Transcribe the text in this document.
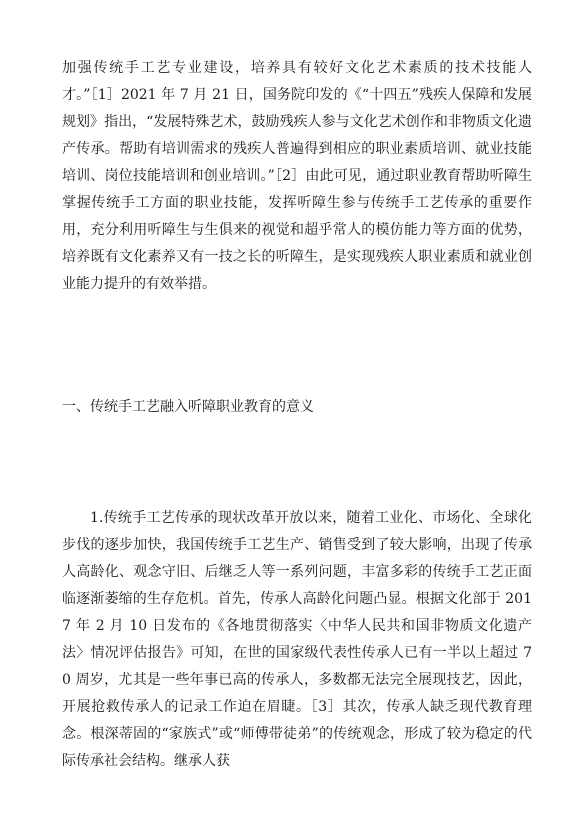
加强传统手工艺专业建设，培养具有较好文化艺术素质的技术技能人才。”［1］2021 年 7 月 21 日，国务院印发的《“十四五”残疾人保障和发展规划》指出，“发展特殊艺术，鼓励残疾人参与文化艺术创作和非物质文化遗产传承。帮助有培训需求的残疾人普遍得到相应的职业素质培训、就业技能培训、岗位技能培训和创业培训。”［2］由此可见，通过职业教育帮助听障生掌握传统手工方面的职业技能，发挥听障生参与传统手工艺传承的重要作用，充分利用听障生与生俱来的视觉和超乎常人的模仿能力等方面的优势，培养既有文化素养又有一技之长的听障生，是实现残疾人职业素质和就业创业能力提升的有效举措。

一、传统手工艺融入听障职业教育的意义

1.传统手工艺传承的现状改革开放以来，随着工业化、市场化、全球化步伐的逐步加快，我国传统手工艺生产、销售受到了较大影响，出现了传承人高龄化、观念守旧、后继乏人等一系列问题，丰富多彩的传统手工艺正面临逐渐萎缩的生存危机。首先，传承人高龄化问题凸显。根据文化部于 2017 年 2 月 10 日发布的《各地贯彻落实〈中华人民共和国非物质文化遗产法〉情况评估报告》可知，在世的国家级代表性传承人已有一半以上超过 70 周岁，尤其是一些年事已高的传承人，多数都无法完全展现技艺，因此，开展抢救传承人的记录工作迫在眉睫。［3］其次，传承人缺乏现代教育理念。根深蒂固的“家族式”或“师傅带徒弟”的传统观念，形成了较为稳定的代际传承社会结构。继承人获
